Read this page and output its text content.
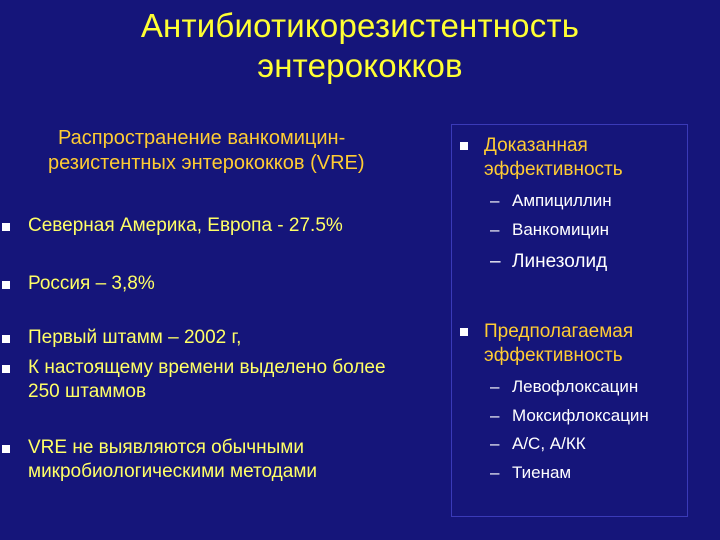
Антибиотикорезистентность
энтерококков
Распространение ванкомицин-
резистентных энтерококков (VRE)
Северная Америка, Европа - 27.5%
Россия – 3,8%
Первый штамм – 2002 г,
К настоящему времени выделено более 250 штаммов
VRE не выявляются обычными микробиологическими методами
Доказанная
эффективность
– Ампициллин
– Ванкомицин
– Линезолид
Предполагаемая
эффективность
– Левофлоксацин
– Моксифлоксацин
– А/С, А/КК
– Тиенам
